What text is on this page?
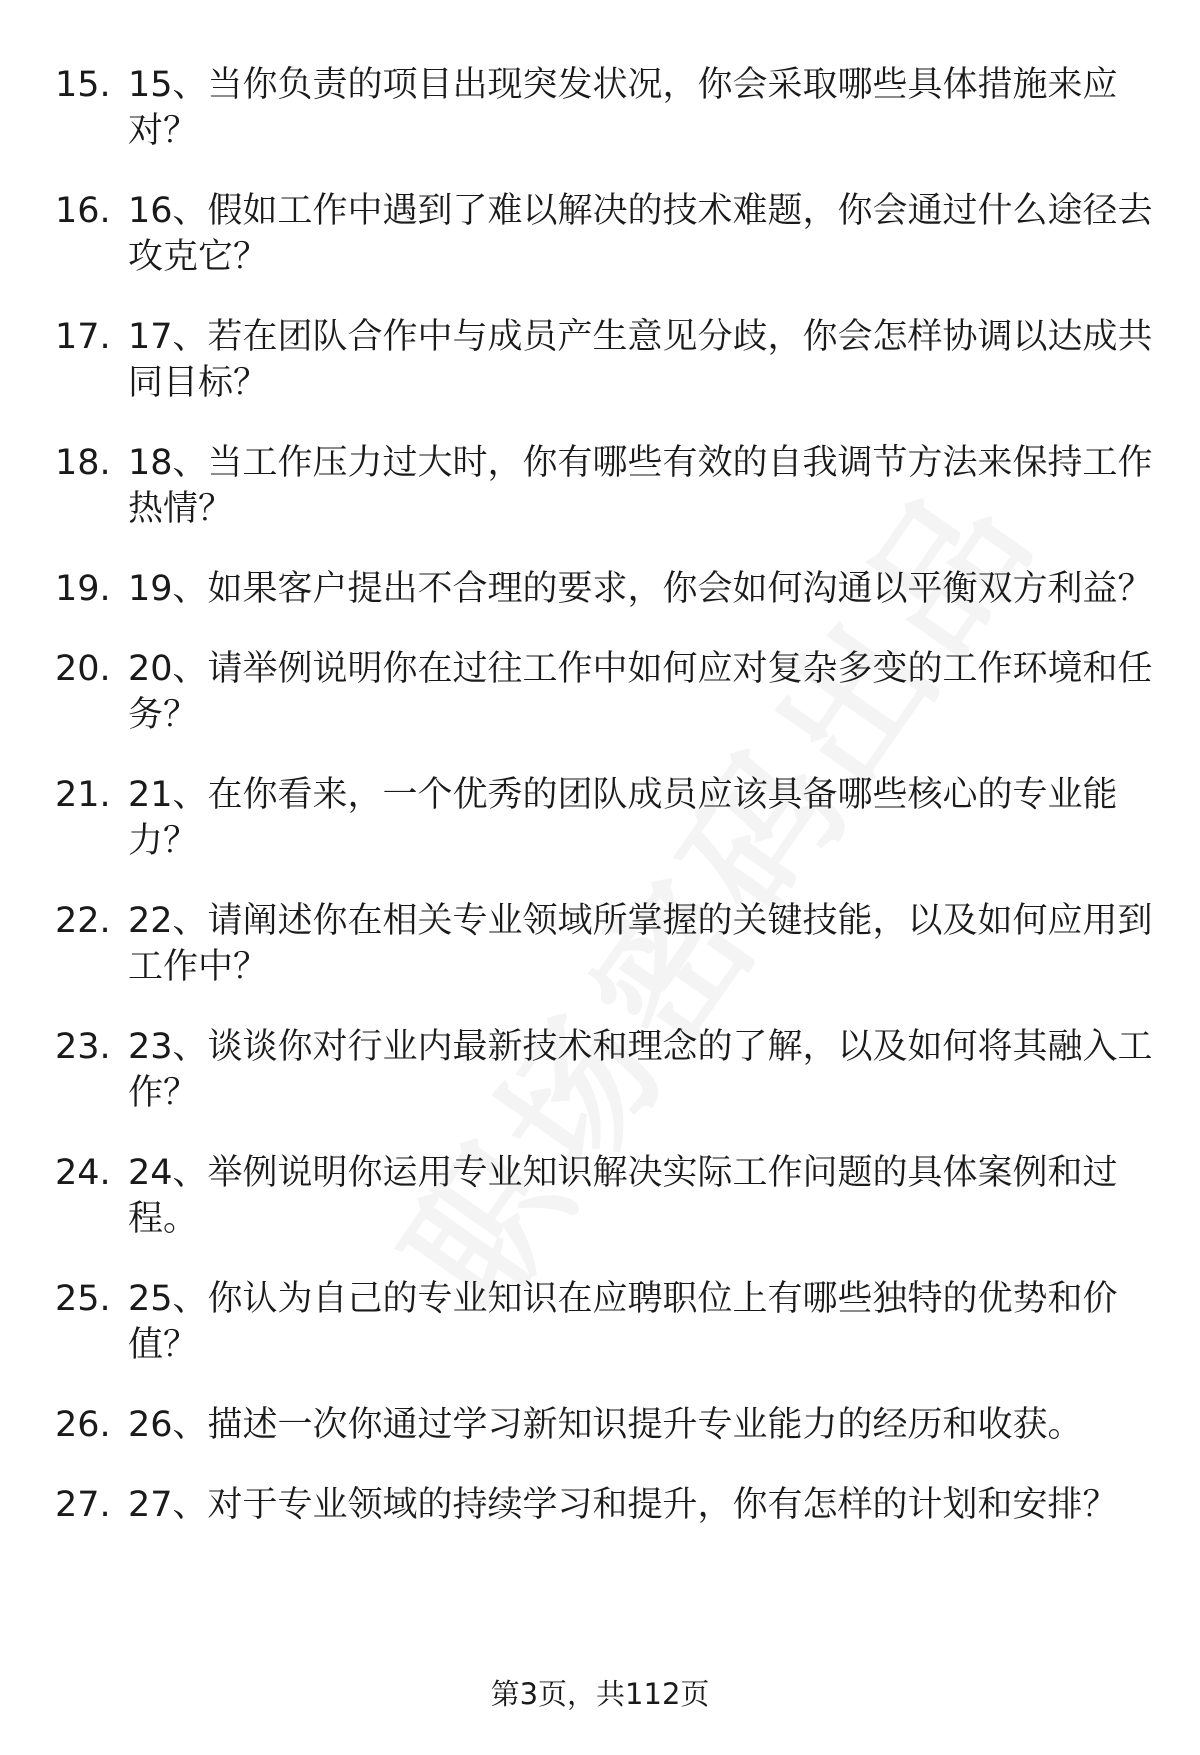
15. 15、当你负责的项目出现突发状况，你会采取哪些具体措施来应对？
16. 16、假如工作中遇到了难以解决的技术难题，你会通过什么途径去攻克它？
17. 17、若在团队合作中与成员产生意见分歧，你会怎样协调以达成共同目标？
18. 18、当工作压力过大时，你有哪些有效的自我调节方法来保持工作热情？
19. 19、如果客户提出不合理的要求，你会如何沟通以平衡双方利益？
20. 20、请举例说明你在过往工作中如何应对复杂多变的工作环境和任务？
21. 21、在你看来，一个优秀的团队成员应该具备哪些核心的专业能力？
22. 22、请阐述你在相关专业领域所掌握的关键技能，以及如何应用到工作中？
23. 23、谈谈你对行业内最新技术和理念的了解，以及如何将其融入工作？
24. 24、举例说明你运用专业知识解决实际工作问题的具体案例和过程。
25. 25、你认为自己的专业知识在应聘职位上有哪些独特的优势和价值？
26. 26、描述一次你通过学习新知识提升专业能力的经历和收获。
27. 27、对于专业领域的持续学习和提升，你有怎样的计划和安排？
第3页，共112页
